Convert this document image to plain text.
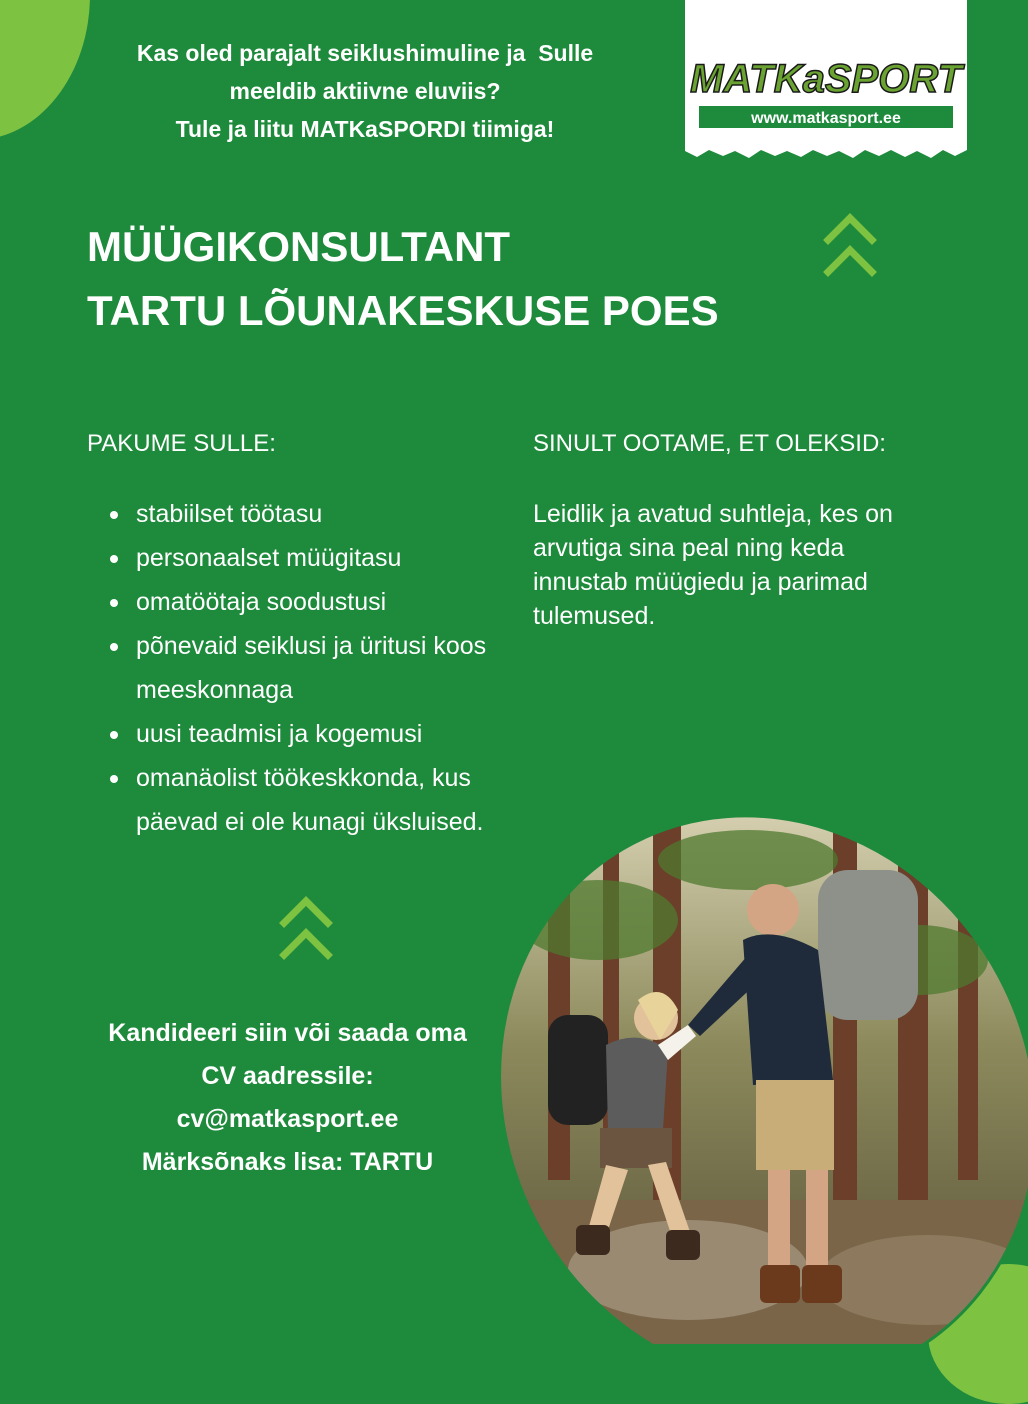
Kas oled parajalt seiklushimuline ja  Sulle
meeldib aktiivne eluviis?
Tule ja liitu MATKaSPORDI tiimiga!
MATKaSPORT
www.matkasport.ee
MÜÜGIKONSULTANT
TARTU LÕUNAKESKUSE POES
PAKUME SULLE:	SINULT OOTAME, ET OLEKSID:
stabiilset töötasu
personaalset müügitasu
omatöötaja soodustusi
põnevaid seiklusi ja üritusi koos meeskonnaga
uusi teadmisi ja kogemusi
omanäolist töökeskkonda, kus päevad ei ole kunagi üksluised.
Leidlik ja avatud suhtleja, kes on arvutiga sina peal ning keda innustab müügiedu ja parimad tulemused.
Kandideeri siin või saada oma
CV aadressile:
cv@matkasport.ee
Märksõnaks lisa: TARTU
